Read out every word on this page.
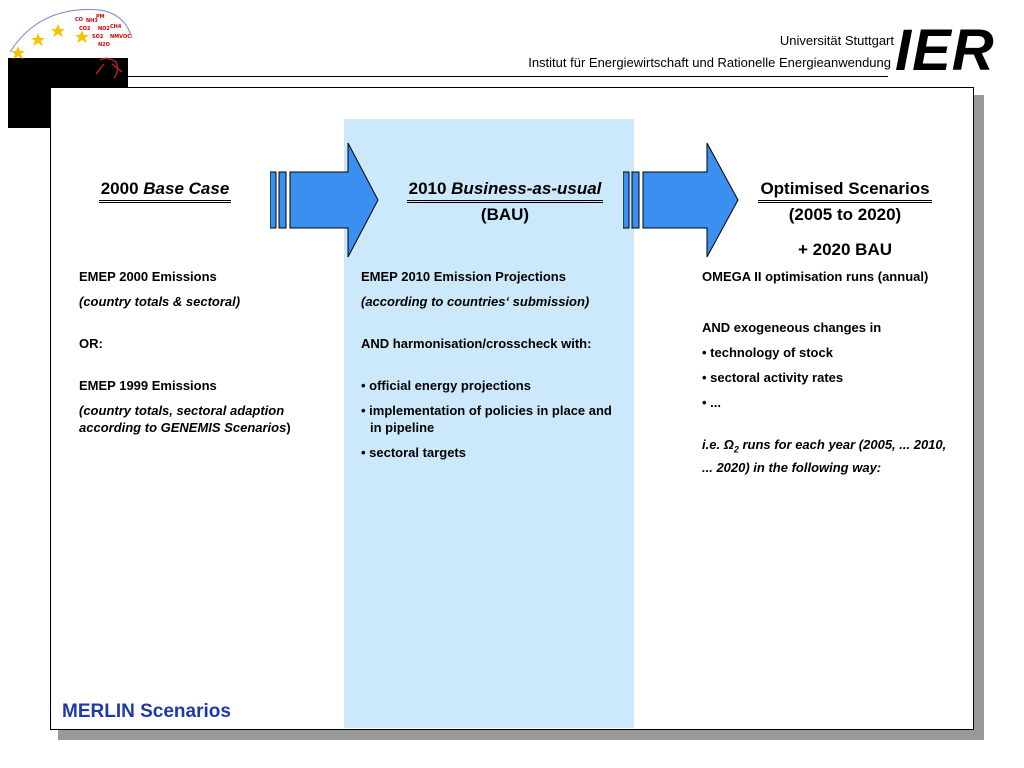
CO NH3
PM
CO2 NO2 CH4
SO2 NMVOC
N2O	Universität Stuttgart
Institut für Energiewirtschaft und Rationelle Energieanwendung IER
2000 Base Case	2010 Business-as-usual
(BAU)
Optimised Scenarios
(2005 to 2020)

+ 2020 BAU

EMEP 2000 Emissions

(country totals & sectoral)

OR:

EMEP 1999 Emissions

(country totals, sectoral adaption according to GENEMIS Scenarios)

EMEP 2010 Emission Projections

(according to countries‘ submission)

AND harmonisation/crosscheck with:

• official energy projections

• implementation of policies in place and in pipeline

• sectoral targets

OMEGA II optimisation runs (annual)

AND exogeneous changes in

• technology of stock

• sectoral activity rates

• ...

i.e. $\Omega_2$ runs for each year (2005, ... 2010, ... 2020) in the following way:

MERLIN Scenarios
